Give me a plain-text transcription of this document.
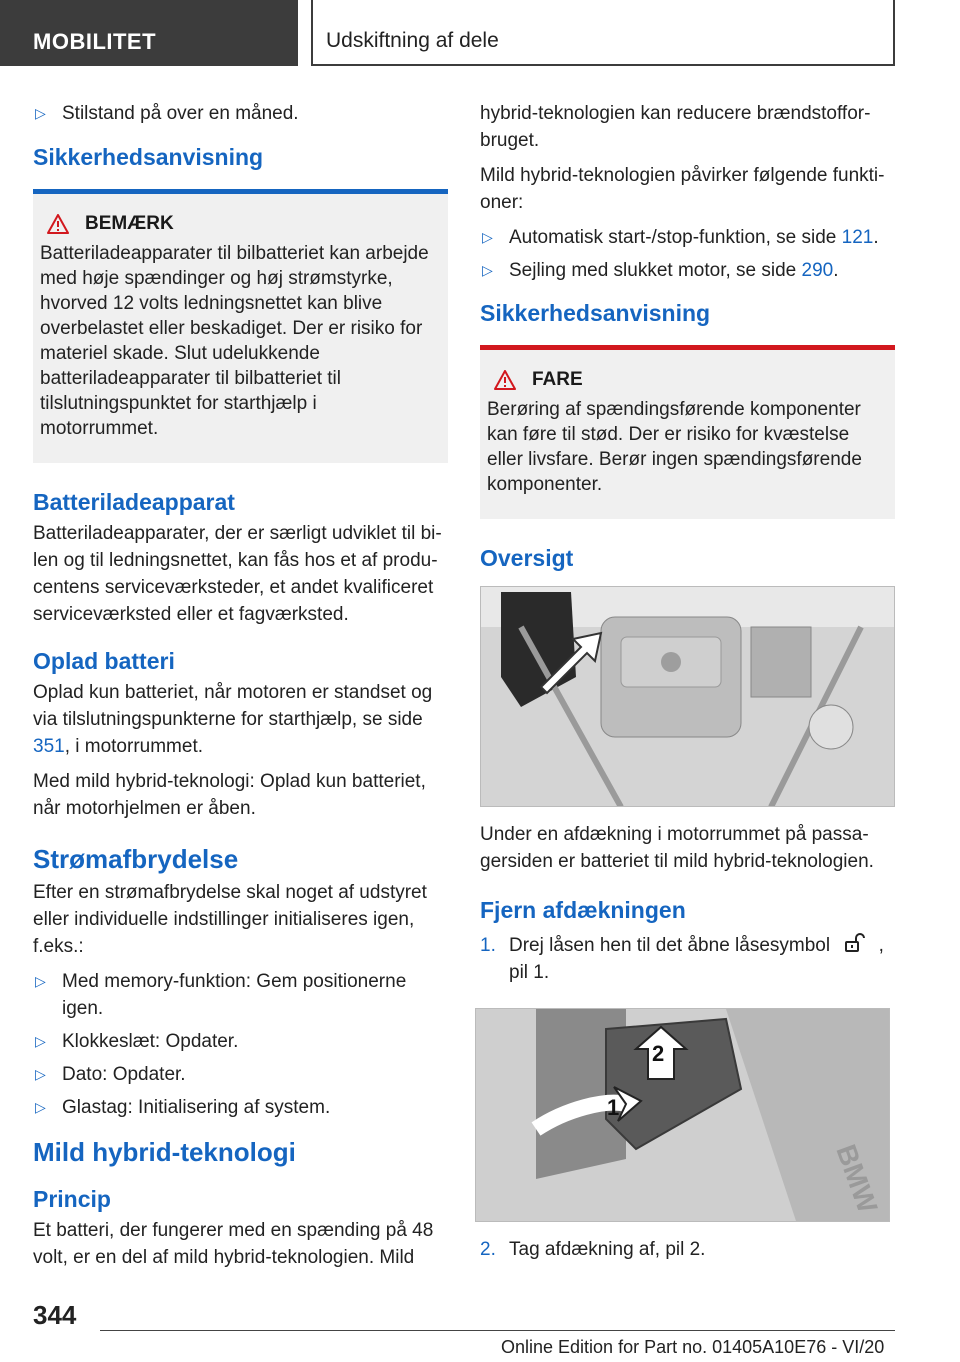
MOBILITET	Udskiftning af dele
▷ Stilstand på over en måned.
Sikkerhedsanvisning
BEMÆRK

Batteriladeapparater til bilbatteriet kan arbejde med høje spændinger og høj strømstyrke, hvorved 12 volts ledningsnettet kan blive overbelastet eller beskadiget. Der er risiko for materiel skade. Slut udelukkende batteriladeapparater til bilbatteriet til tilslutningspunktet for starthjælp i motorrummet.

Batteriladeapparat

Batteriladeapparater, der er særligt udviklet til bilen og til ledningsnettet, kan fås hos et af producentens serviceværksteder, et andet kvalificeret serviceværksted eller et fagværksted.

Oplad batteri

Oplad kun batteriet, når motoren er standset og via tilslutningspunkterne for starthjælp, se side 351, i motorrummet.

Med mild hybrid-teknologi: Oplad kun batteriet, når motorhjelmen er åben.

Strømafbrydelse

Efter en strømafbrydelse skal noget af udstyret eller individuelle indstillinger initialiseres igen, f.eks.:

▷ Med memory-funktion: Gem positionerne igen.
▷ Klokkeslæt: Opdater.
▷ Dato: Opdater.
▷ Glastag: Initialisering af system.
Mild hybrid-teknologi
Princip

Et batteri, der fungerer med en spænding på 48 volt, er en del af mild hybrid-teknologien. Mild

hybrid-teknologien kan reducere brændstofforbruget.

Mild hybrid-teknologien påvirker følgende funktioner:

▷ Automatisk start-/stop-funktion, se side 121.
▷ Sejling med slukket motor, se side 290.
Sikkerhedsanvisning
FARE

Berøring af spændingsførende komponenter kan føre til stød. Der er risiko for kvæstelse eller livsfare. Berør ingen spændingsførende komponenter.

Oversigt

Under en afdækning i motorrummet på passagersiden er batteriet til mild hybrid-teknologien.

Fjern afdækningen
1. Drej låsen hen til det åbne låsesymbol	, pil 1.
1
2
BMW
2. Tag afdækning af, pil 2.
344
Online Edition for Part no. 01405A10E76 - VI/20
